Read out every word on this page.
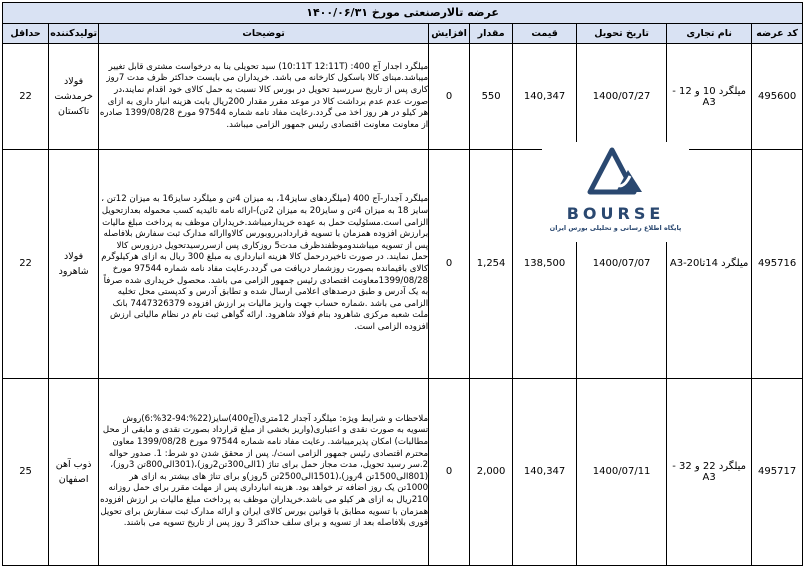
عرضه تالارصنعتی مورخ ۱۴۰۰/۰۶/۳۱								
کد عرضه	نام تجاری	تاریخ تحویل	قیمت	مقدار	افزایش	توضیحات	تولیدکننده	حداقل
495600	میلگرد 10 و 12 - A3	1400/07/27	140,347	550	0	میلگرد اجدار آج 400: (10:11T 12:11T) سید تحویلی بنا به درخواست مشتری قابل تغییر میباشد.مبنای کالا باسکول کارخانه می باشد. خریداران می بایست حداکثر ظرف مدت 7روز کاری پس از تاریخ سررسید تحویل در بورس کالا نسبت به حمل کالای خود اقدام نمایند،در صورت عدم عدم برداشت کالا در موعد مقرر مقدار 200ریال بابت هزینه انبار داری به ازای هر کیلو در هر روز اخذ می گردد.رعایت مفاد نامه شماره 97544 مورخ 1399/08/28 صادره از معاونت معاونت اقتصادی رئیس جمهور الزامی میباشد.	فولاد خرمدشت تاکستان	22
495716	میلگرد 14تا20-A3	1400/07/07	138,500	1,254	0	میلگرد آجدار-آج 400 (میلگردهای سایز14، به میزان 4تن و میلگرد سایز16 به میزان 12تن ، سایز 18 به میزان 4تن و سایز20 به میزان 2تن)-ارائه نامه تائیدیه کسب محموله بعدازتحویل الزامی است.مسئولیت حمل به عهده خریدارمیباشد.خریداران موظف به پرداخت مبلغ مالیات برارزش افزوده همزمان با تسویه قراردادبرروبورس کالاواارائه مدارک ثبت سفارش بلافاصله پس از تسویه میباشندوموظفندظرف مدت5 روزکاری پس ازسررسیدتحویل درزورس کالا حمل نمایند. در صورت تاخیردرحمل کالا هزینه انبارداری به مبلغ 300 ریال به ازای هرکیلوگرم کالای باقیمانده بصورت روزشمار دریافت می گردد.رعایت مفاد نامه شماره 97544 مورخ 1399/08/28معاونت اقتصادی رئیس جمهور الزامی می باشد. محصول خریداری شده صرفاً به یک آدرس و طبق درصدهای اعلامی ارسال شده و تطابق آدرس و کدپستی محل تخلیه الزامی می باشد .شماره حساب جهت واریز مالیات بر ارزش افزوده 7447326379 بانک ملت شعبه مرکزی شاهرود بنام فولاد شاهرود. ارائه گواهی ثبت نام در نظام مالیاتی ارزش افزوده الزامی است.	فولاد شاهرود	22
495717	میلگرد 22 و 32 - A3	1400/07/11	140,347	2,000	0	ملاحظات و شرایط ویژه: میلگرد آجدار 12متری(آج400)سایز(22%:94-32%:6)روش تسویه به صورت نقدی و اعتباری(واریز بخشی از مبلغ قرارداد بصورت نقدی و مابقی از محل مطالبات) امکان پذیرمیباشد. رعایت مفاد نامه شماره 97544 مورخ 1399/08/28 معاون محترم اقتصادی رئیس جمهور الزامی است/. پس از محقق شدن دو شرط: 1. صدور حواله 2.سر رسید تحویل، مدت مجاز حمل برای تناژ (1الی300تن2روز)،(301الی800تن 3روز)،(801الی1500تن 4روز)،(1501الی2500تن 5روز)و برای تناژ های بیشتر به ازای هر 1000تن یک روز اضافه تر خواهد بود. هزینه انبارداری پس از مهلت مقرر برای حمل روزانه 210ریال به ازای هر کیلو می باشد.خریداران موظف به پرداخت مبلغ مالیات بر ارزش افزوده همزمان با تسویه مطابق با قوانین بورس کالای ایران و ارائه مدارک ثبت سفارش برای تحویل فوری بلافاصله بعد از تسویه و برای سلف حداکثر 3 روز پس از تاریخ تسویه می باشند.	ذوب آهن اصفهان	25
BOURSE
پایگاه اطلاع رسانی و تحلیلی بورس ایران
